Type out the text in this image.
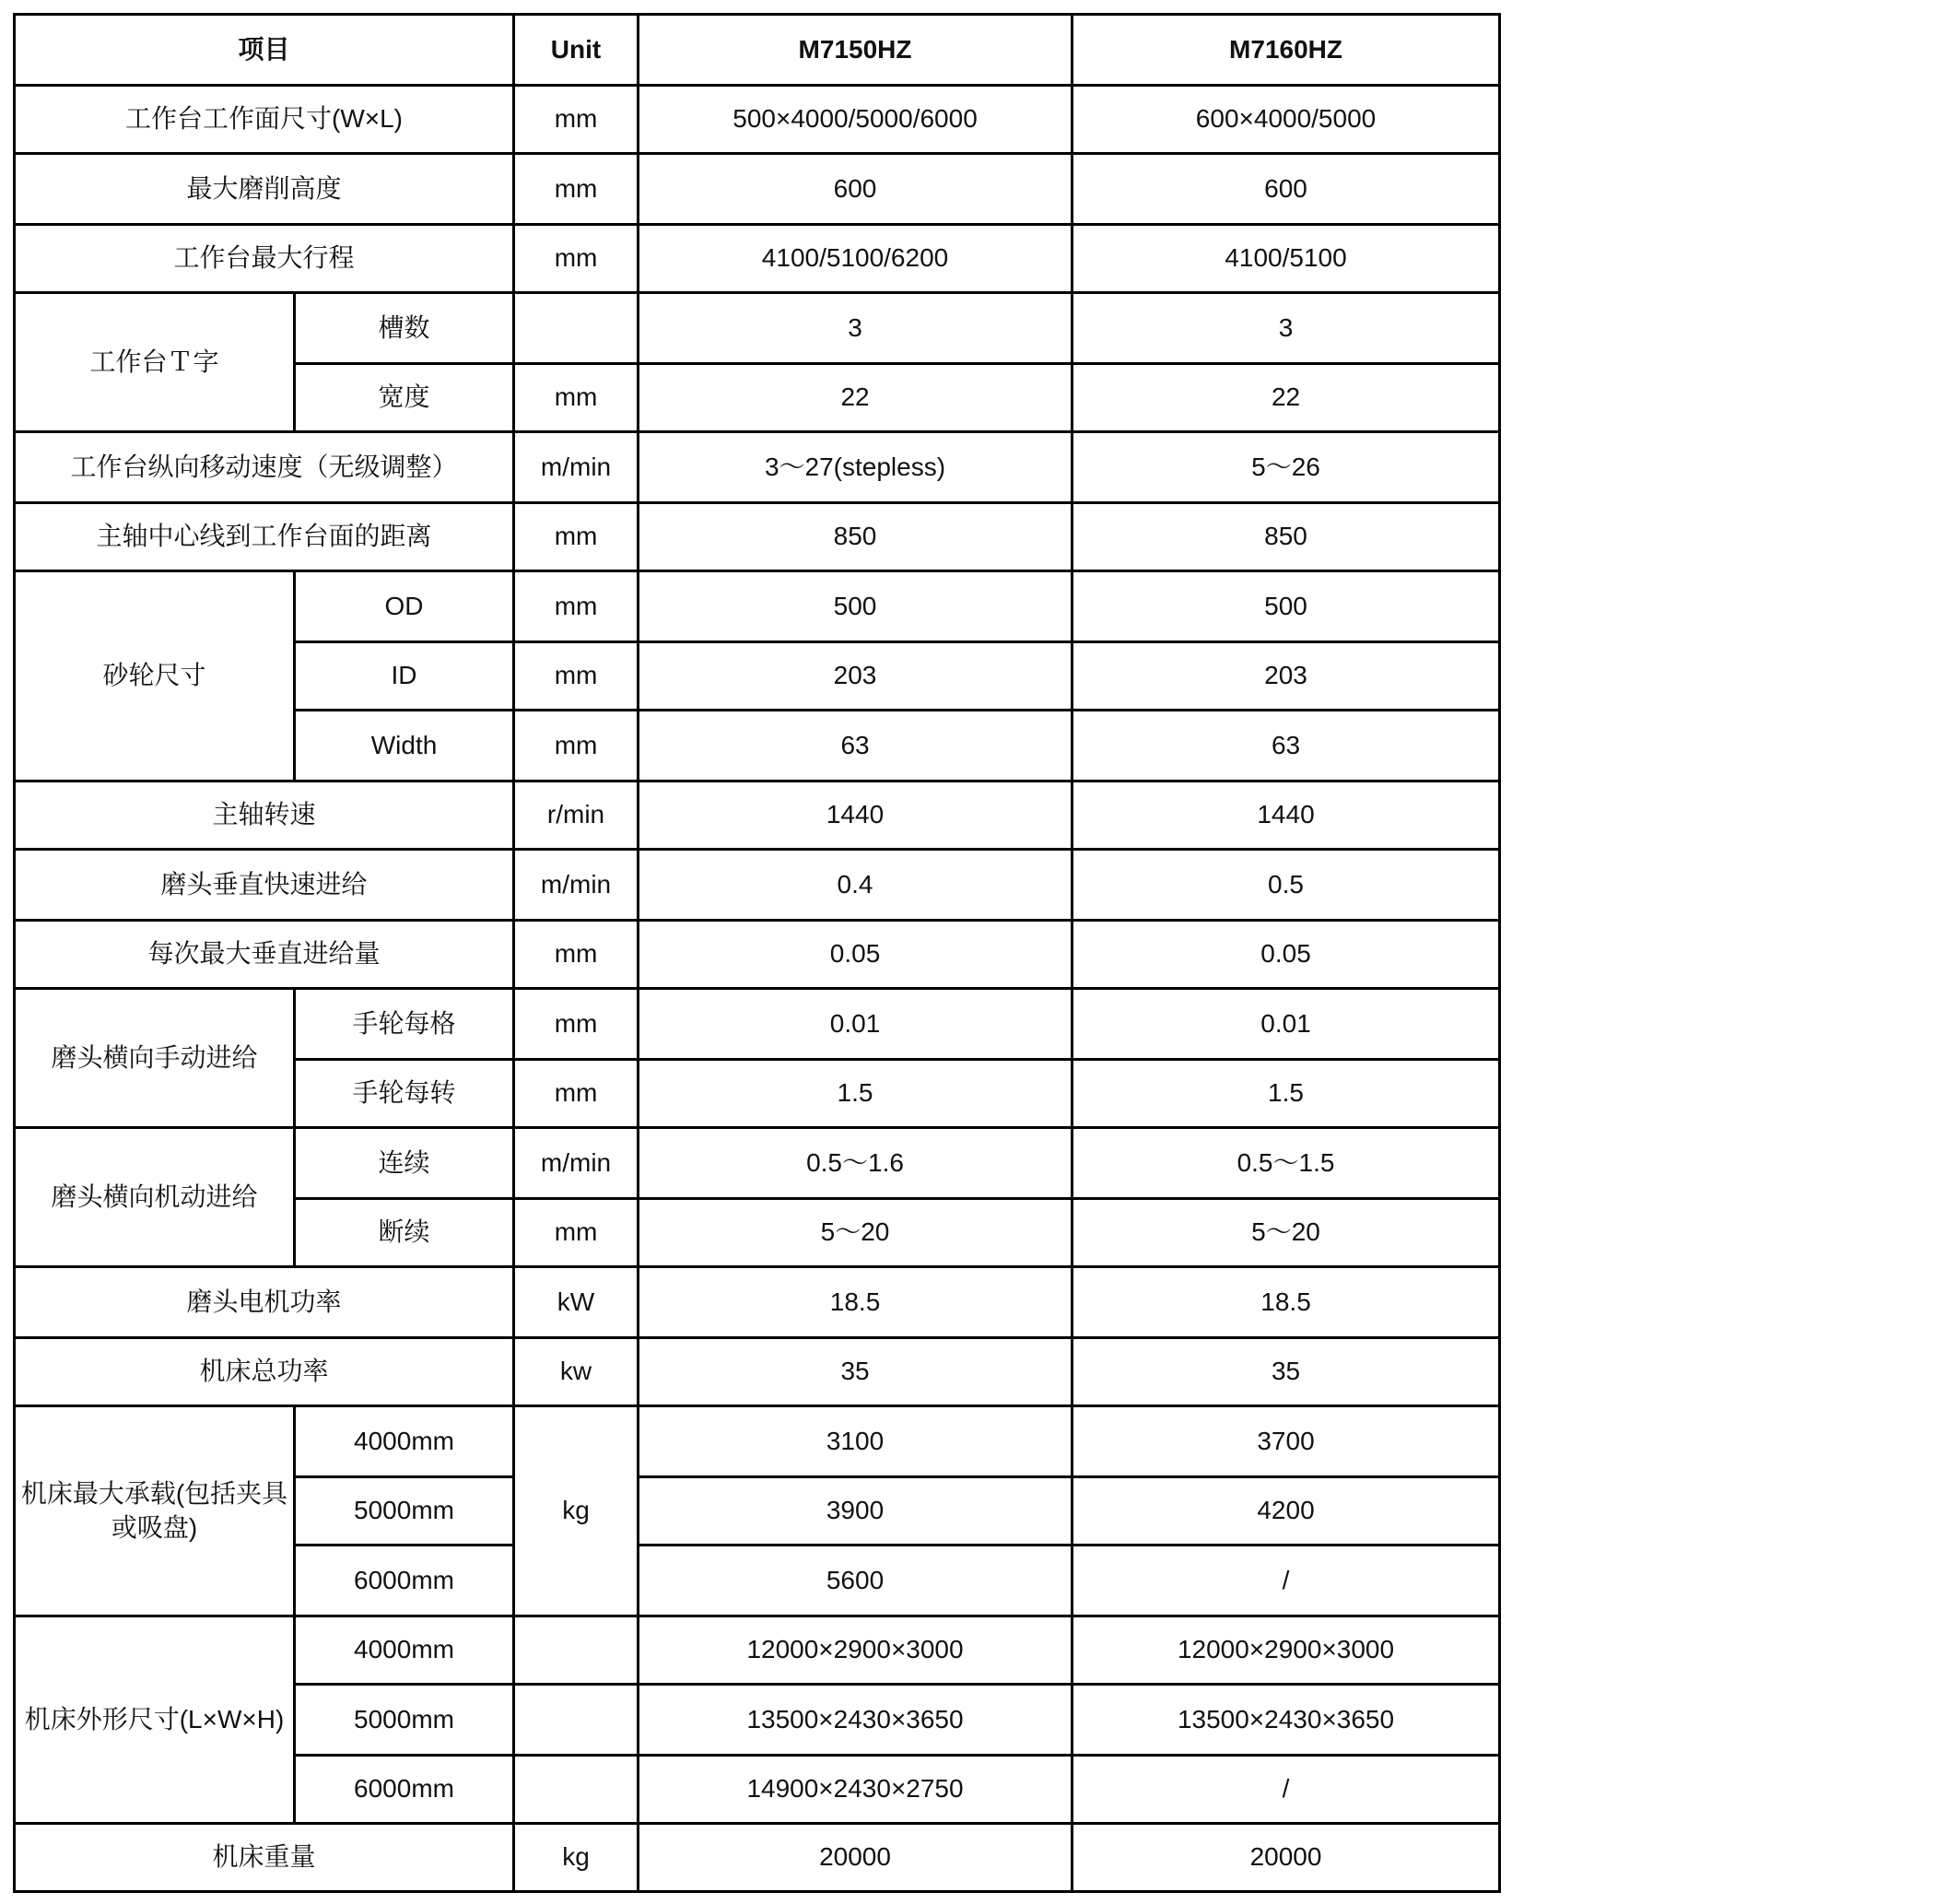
项目		Unit	M7150HZ	M7160HZ
工作台工作面尺寸(W×L)		mm	500×4000/5000/6000	600×4000/5000
最大磨削高度		mm	600	600
工作台最大行程		mm	4100/5100/6200	4100/5100
工作台Ｔ字	槽数		3	3
	宽度	mm	22	22
工作台纵向移动速度（无级调整）		m/min	3～27(stepless)	5～26
主轴中心线到工作台面的距离		mm	850	850
砂轮尺寸	OD	mm	500	500
	ID	mm	203	203
	Width	mm	63	63
主轴转速		r/min	1440	1440
磨头垂直快速进给		m/min	0.4	0.5
每次最大垂直进给量		mm	0.05	0.05
磨头横向手动进给	手轮每格	mm	0.01	0.01
	手轮每转	mm	1.5	1.5
磨头横向机动进给	连续	m/min	0.5～1.6	0.5～1.5
	断续	mm	5～20	5～20
磨头电机功率		kW	18.5	18.5
机床总功率		kw	35	35
机床最大承载(包括夹具或吸盘)	4000mm	kg	3100	3700
	5000mm		3900	4200
	6000mm		5600	/
机床外形尺寸(L×W×H)	4000mm		12000×2900×3000	12000×2900×3000
	5000mm		13500×2430×3650	13500×2430×3650
	6000mm		14900×2430×2750	/
机床重量		kg	20000	20000
